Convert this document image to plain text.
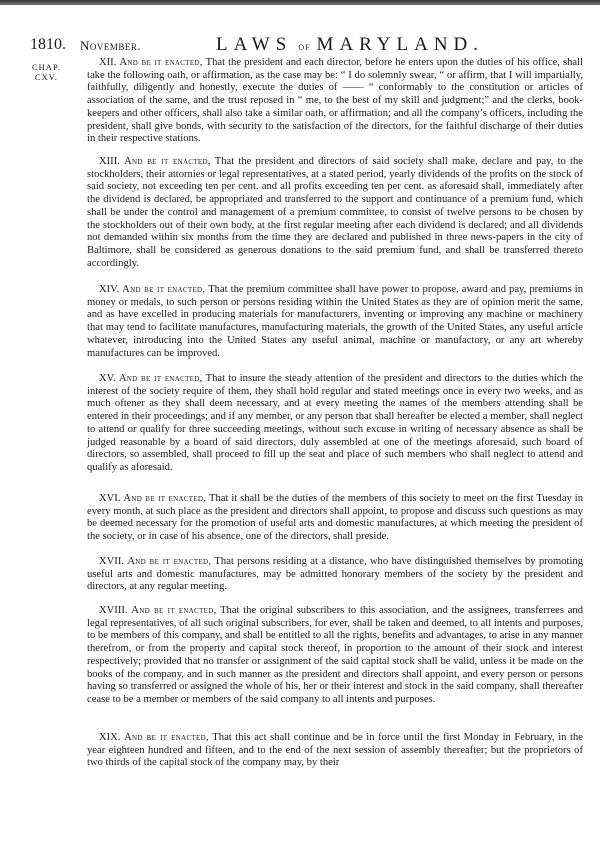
1810. November.	LAWS of MARYLAND.
CHAP.
CXV.

XII. And be it enacted, That the president and each director, before he enters upon the duties of his office, shall take the following oath, or affirmation, as the case may be: “ I do solemnly swear, “ or affirm, that I will impartially, faithfully, diligently and honestly, execute the duties of —— “ conformably to the constitution or articles of association of the same, and the trust reposed in “ me, to the best of my skill and judgment;” and the clerks, book-keepers and other officers, shall also take a similar oath, or affirmation; and all the company’s officers, including the president, shall give bonds, with security to the satisfaction of the directors, for the faithful discharge of their duties in their respective stations.

XIII. And be it enacted, That the president and directors of said society shall make, declare and pay, to the stockholders, their attornies or legal representatives, at a stated period, yearly dividends of the profits on the stock of said society, not exceeding ten per cent. and all profits exceeding ten per cent. as aforesaid shall, immediately after the dividend is declared, be appropriated and transferred to the support and continuance of a premium fund, which shall be under the control and management of a premium committee, to consist of twelve persons to be chosen by the stockholders out of their own body, at the first regular meeting after each dividend is declared; and all dividends not demanded within six months from the time they are declared and published in three news-papers in the city of Baltimore, shall be considered as generous donations to the said premium fund, and shall be transferred thereto accordingly.

XIV. And be it enacted, That the premium committee shall have power to propose, award and pay, premiums in money or medals, to such person or persons residing within the United States as they are of opinion merit the same, and as have excelled in producing materials for manufacturers, inventing or improving any machine or machinery that may tend to facilitate manufactures, manufacturing materials, the growth of the United States, any useful article whatever, introducing into the United States any useful animal, machine or manufactory, or any art whereby manufactures can be improved.

XV. And be it enacted, That to insure the steady attention of the president and directors to the duties which the interest of the society require of them, they shall hold regular and stated meetings once in every two weeks, and as much oftener as they shall deem necessary, and at every meeting the names of the members attending shall be entered in their proceedings; and if any member, or any person that shall hereafter be elected a member, shall neglect to attend or qualify for three succeeding meetings, without such excuse in writing of necessary absence as shall be judged reasonable by a board of said directors, duly assembled at one of the meetings aforesaid, such board of directors, so assembled, shall proceed to fill up the seat and place of such members who shall neglect to attend and qualify as aforesaid.

XVI. And be it enacted, That it shall be the duties of the members of this society to meet on the first Tuesday in every month, at such place as the president and directors shall appoint, to propose and discuss such questions as may be deemed necessary for the promotion of useful arts and domestic manufactures, at which meeting the president of the society, or in case of his absence, one of the directors, shall preside.

XVII. And be it enacted, That persons residing at a distance, who have distinguished themselves by promoting useful arts and domestic manufactures, may be admitted honorary members of the society by the president and directors, at any regular meeting.

XVIII. And be it enacted, That the original subscribers to this association, and the assignees, transferrees and legal representatives, of all such original subscribers, for ever, shall be taken and deemed, to all intents and purposes, to be members of this company, and shall be entitled to all the rights, benefits and advantages, to arise in any manner therefrom, or from the property and capital stock thereof, in proportion to the amount of their stock and interest respectively; provided that no transfer or assignment of the said capital stock shall be valid, unless it be made on the books of the company, and in such manner as the president and directors shall appoint, and every person or persons having so transferred or assigned the whole of his, her or their interest and stock in the said company, shall thereafter cease to be a member or members of the said company to all intents and purposes.

XIX. And be it enacted, That this act shall continue and be in force until the first Monday in February, in the year eighteen hundred and fifteen, and to the end of the next session of assembly thereafter; but the proprietors of two thirds of the capital stock of the company may, by their
